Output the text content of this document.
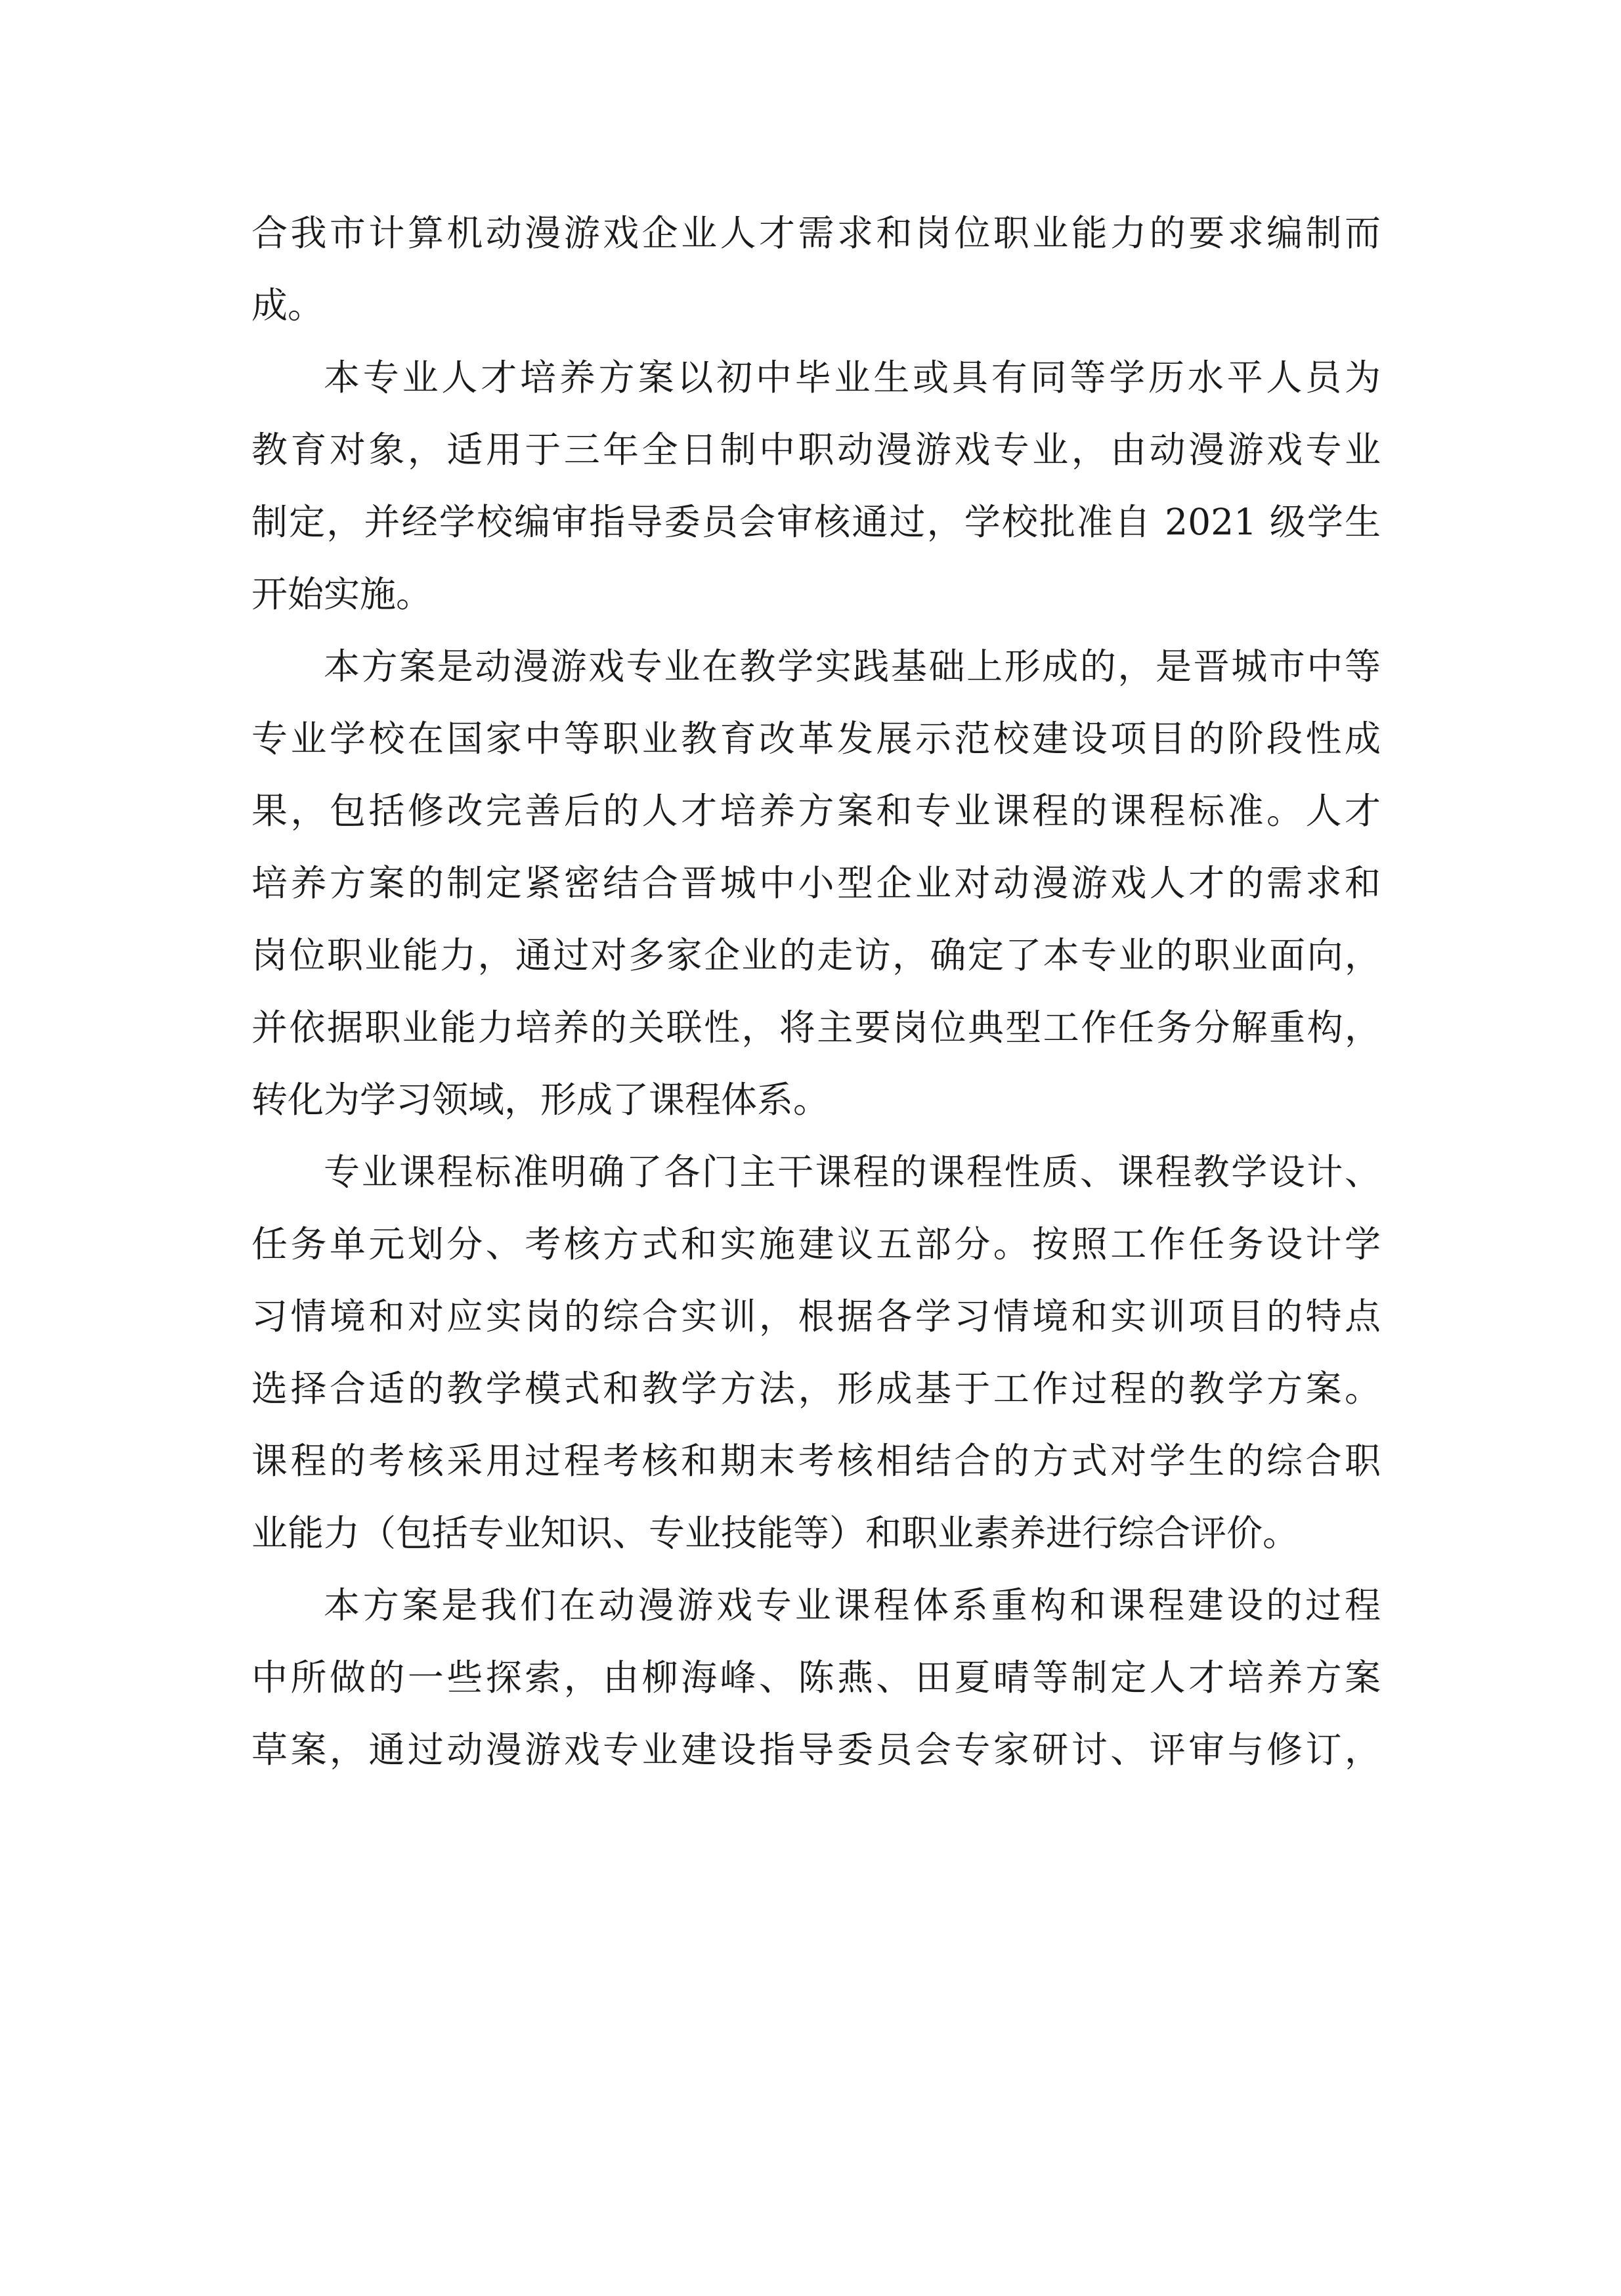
合我市计算机动漫游戏企业人才需求和岗位职业能力的要求编制而

成。

本专业人才培养方案以初中毕业生或具有同等学历水平人员为

教育对象，适用于三年全日制中职动漫游戏专业，由动漫游戏专业

制定，并经学校编审指导委员会审核通过，学校批准自 2021 级学生

开始实施。

本方案是动漫游戏专业在教学实践基础上形成的，是晋城市中等

专业学校在国家中等职业教育改革发展示范校建设项目的阶段性成

果，包括修改完善后的人才培养方案和专业课程的课程标准。人才

培养方案的制定紧密结合晋城中小型企业对动漫游戏人才的需求和

岗位职业能力，通过对多家企业的走访，确定了本专业的职业面向，

并依据职业能力培养的关联性，将主要岗位典型工作任务分解重构，

转化为学习领域，形成了课程体系。

专业课程标准明确了各门主干课程的课程性质、课程教学设计、

任务单元划分、考核方式和实施建议五部分。按照工作任务设计学

习情境和对应实岗的综合实训，根据各学习情境和实训项目的特点

选择合适的教学模式和教学方法，形成基于工作过程的教学方案。

课程的考核采用过程考核和期末考核相结合的方式对学生的综合职

业能力（包括专业知识、专业技能等）和职业素养进行综合评价。

本方案是我们在动漫游戏专业课程体系重构和课程建设的过程

中所做的一些探索，由柳海峰、陈燕、田夏晴等制定人才培养方案

草案，通过动漫游戏专业建设指导委员会专家研讨、评审与修订，
